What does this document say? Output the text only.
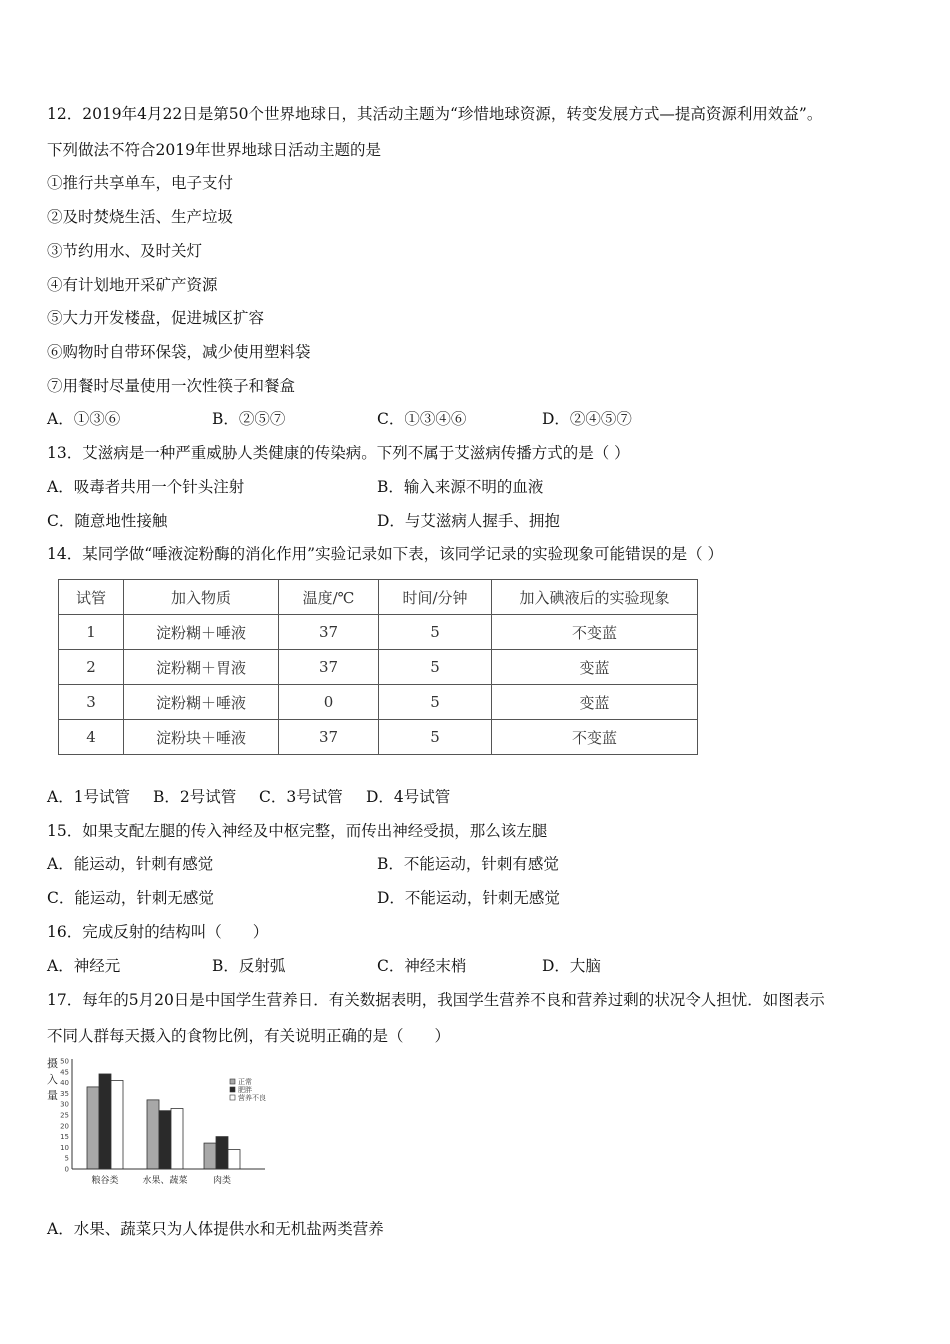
12．2019年4月22日是第50个世界地球日，其活动主题为“珍惜地球资源，转变发展方式—提高资源利用效益”。
下列做法不符合2019年世界地球日活动主题的是
①推行共享单车，电子支付
②及时焚烧生活、生产垃圾
③节约用水、及时关灯
④有计划地开采矿产资源
⑤大力开发楼盘，促进城区扩容
⑥购物时自带环保袋，减少使用塑料袋
⑦用餐时尽量使用一次性筷子和餐盒
A．①③⑥	B．②⑤⑦	C．①③④⑥	D．②④⑤⑦
13．艾滋病是一种严重威胁人类健康的传染病。下列不属于艾滋病传播方式的是（ ）
A．吸毒者共用一个针头注射	B．输入来源不明的血液
C．随意地性接触	D．与艾滋病人握手、拥抱
14．某同学做“唾液淀粉酶的消化作用”实验记录如下表，该同学记录的实验现象可能错误的是（ ）
试管	加入物质	温度/℃	时间/分钟	加入碘液后的实验现象
1	淀粉糊＋唾液	37	5	不变蓝
2	淀粉糊＋胃液	37	5	变蓝
3	淀粉糊＋唾液	0	5	变蓝
4	淀粉块＋唾液	37	5	不变蓝
A．1号试管 B．2号试管 C．3号试管 D．4号试管
15．如果支配左腿的传入神经及中枢完整，而传出神经受损，那么该左腿
A．能运动，针刺有感觉	B．不能运动，针刺有感觉
C．能运动，针刺无感觉	D．不能运动，针刺无感觉
16．完成反射的结构叫（　　）
A．神经元	B．反射弧	C．神经末梢	D．大脑
17．每年的5月20日是中国学生营养日．有关数据表明，我国学生营养不良和营养过剩的状况令人担忧．如图表示
不同人群每天摄入的食物比例，有关说明正确的是（　　）
摄
入
量
50
45
40
35
30
25
20
15
10
5
0
粮谷类	水果、蔬菜	肉类
正常
肥胖
营养不良
A．水果、蔬菜只为人体提供水和无机盐两类营养
